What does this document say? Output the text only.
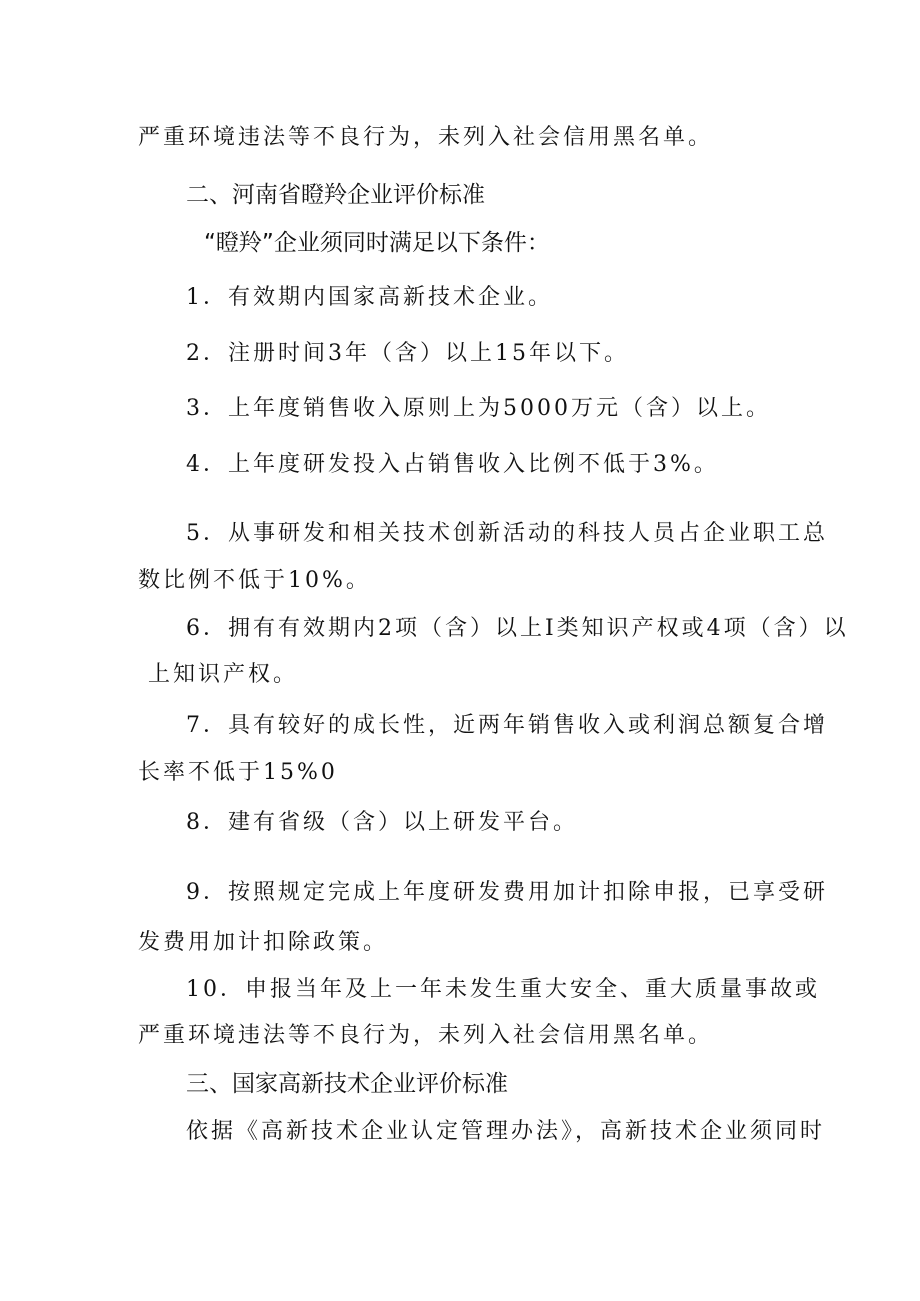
严重环境违法等不良行为，未列入社会信用黑名单。
二、河南省瞪羚企业评价标准
“瞪羚”企业须同时满足以下条件：
1．有效期内国家高新技术企业。
2．注册时间3年（含）以上15年以下。
3．上年度销售收入原则上为5000万元（含）以上。
4．上年度研发投入占销售收入比例不低于3%。
5．从事研发和相关技术创新活动的科技人员占企业职工总
数比例不低于10%。
6．拥有有效期内2项（含）以上I类知识产权或4项（含）以
上知识产权。
7．具有较好的成长性，近两年销售收入或利润总额复合增
长率不低于15%0
8．建有省级（含）以上研发平台。
9．按照规定完成上年度研发费用加计扣除申报，已享受研
发费用加计扣除政策。
10．申报当年及上一年未发生重大安全、重大质量事故或
严重环境违法等不良行为，未列入社会信用黑名单。
三、国家高新技术企业评价标准
依据《高新技术企业认定管理办法》，高新技术企业须同时
